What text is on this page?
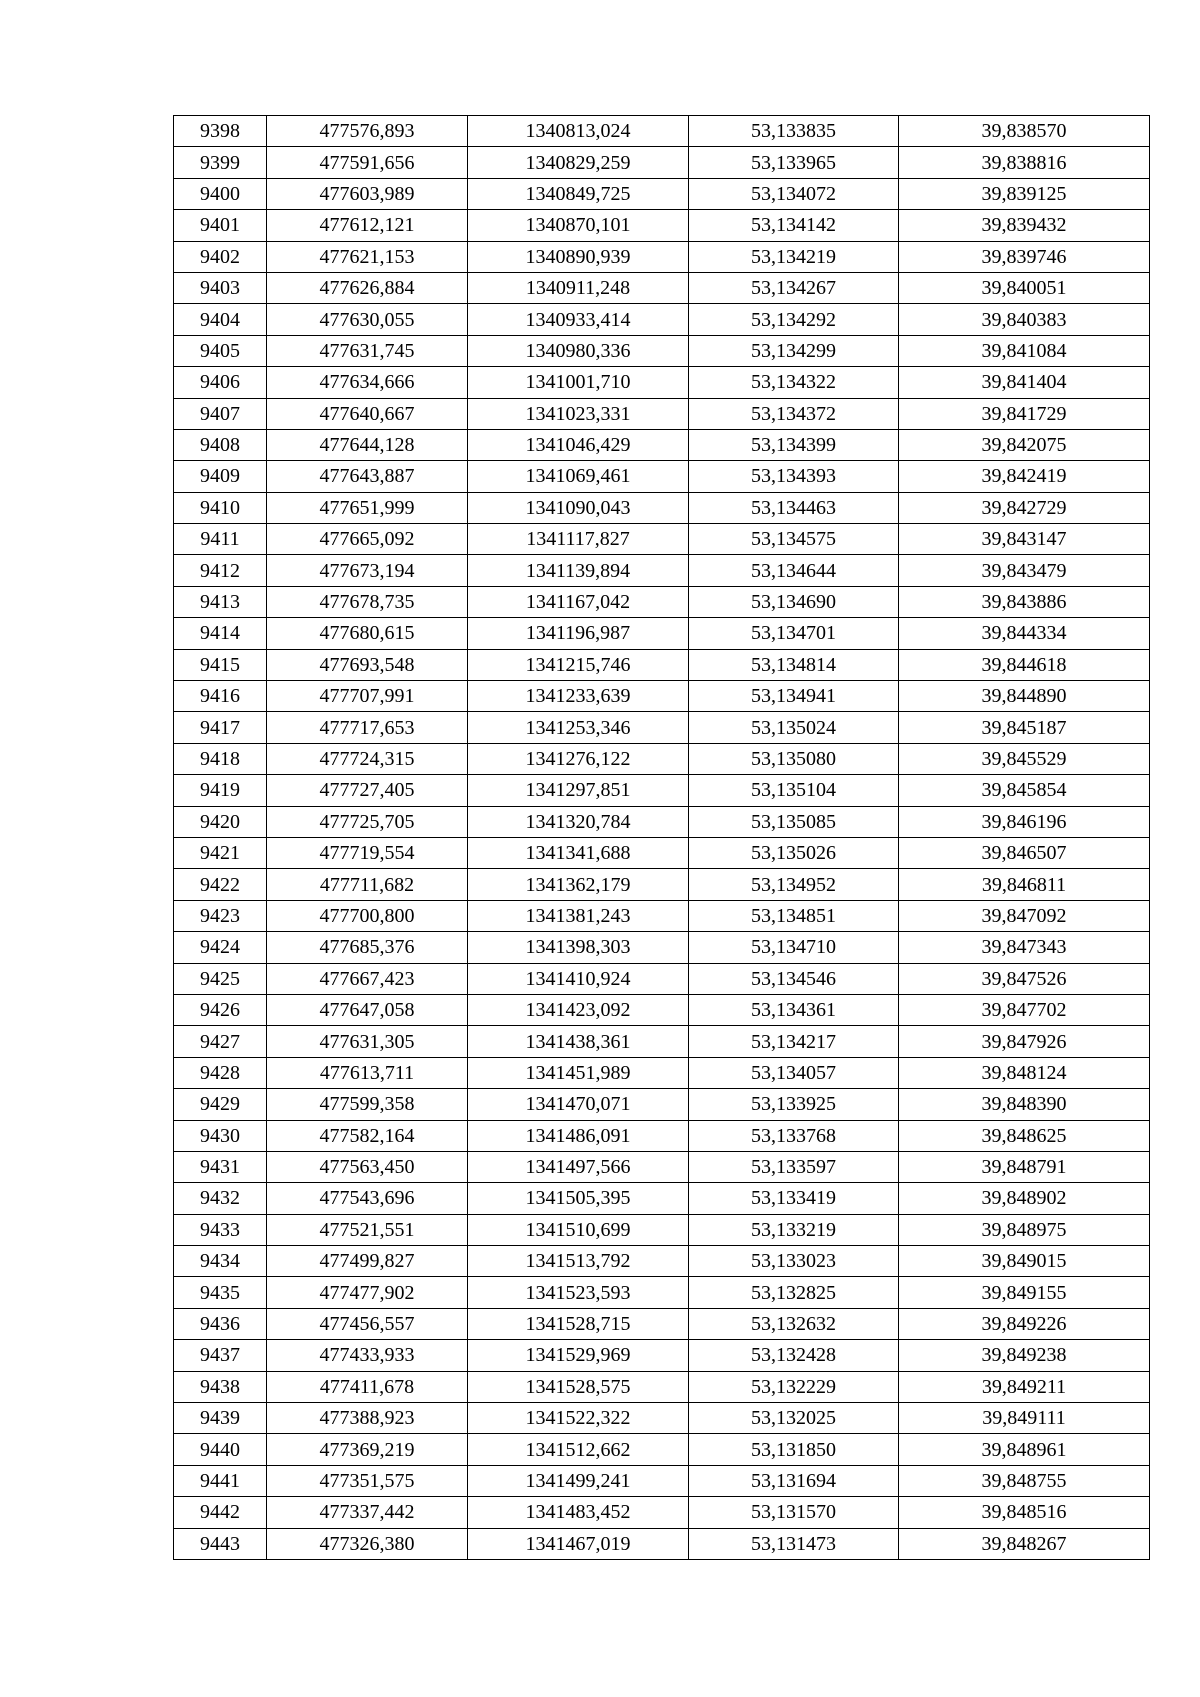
9398	477576,893	1340813,024	53,133835	39,838570
9399	477591,656	1340829,259	53,133965	39,838816
9400	477603,989	1340849,725	53,134072	39,839125
9401	477612,121	1340870,101	53,134142	39,839432
9402	477621,153	1340890,939	53,134219	39,839746
9403	477626,884	1340911,248	53,134267	39,840051
9404	477630,055	1340933,414	53,134292	39,840383
9405	477631,745	1340980,336	53,134299	39,841084
9406	477634,666	1341001,710	53,134322	39,841404
9407	477640,667	1341023,331	53,134372	39,841729
9408	477644,128	1341046,429	53,134399	39,842075
9409	477643,887	1341069,461	53,134393	39,842419
9410	477651,999	1341090,043	53,134463	39,842729
9411	477665,092	1341117,827	53,134575	39,843147
9412	477673,194	1341139,894	53,134644	39,843479
9413	477678,735	1341167,042	53,134690	39,843886
9414	477680,615	1341196,987	53,134701	39,844334
9415	477693,548	1341215,746	53,134814	39,844618
9416	477707,991	1341233,639	53,134941	39,844890
9417	477717,653	1341253,346	53,135024	39,845187
9418	477724,315	1341276,122	53,135080	39,845529
9419	477727,405	1341297,851	53,135104	39,845854
9420	477725,705	1341320,784	53,135085	39,846196
9421	477719,554	1341341,688	53,135026	39,846507
9422	477711,682	1341362,179	53,134952	39,846811
9423	477700,800	1341381,243	53,134851	39,847092
9424	477685,376	1341398,303	53,134710	39,847343
9425	477667,423	1341410,924	53,134546	39,847526
9426	477647,058	1341423,092	53,134361	39,847702
9427	477631,305	1341438,361	53,134217	39,847926
9428	477613,711	1341451,989	53,134057	39,848124
9429	477599,358	1341470,071	53,133925	39,848390
9430	477582,164	1341486,091	53,133768	39,848625
9431	477563,450	1341497,566	53,133597	39,848791
9432	477543,696	1341505,395	53,133419	39,848902
9433	477521,551	1341510,699	53,133219	39,848975
9434	477499,827	1341513,792	53,133023	39,849015
9435	477477,902	1341523,593	53,132825	39,849155
9436	477456,557	1341528,715	53,132632	39,849226
9437	477433,933	1341529,969	53,132428	39,849238
9438	477411,678	1341528,575	53,132229	39,849211
9439	477388,923	1341522,322	53,132025	39,849111
9440	477369,219	1341512,662	53,131850	39,848961
9441	477351,575	1341499,241	53,131694	39,848755
9442	477337,442	1341483,452	53,131570	39,848516
9443	477326,380	1341467,019	53,131473	39,848267
